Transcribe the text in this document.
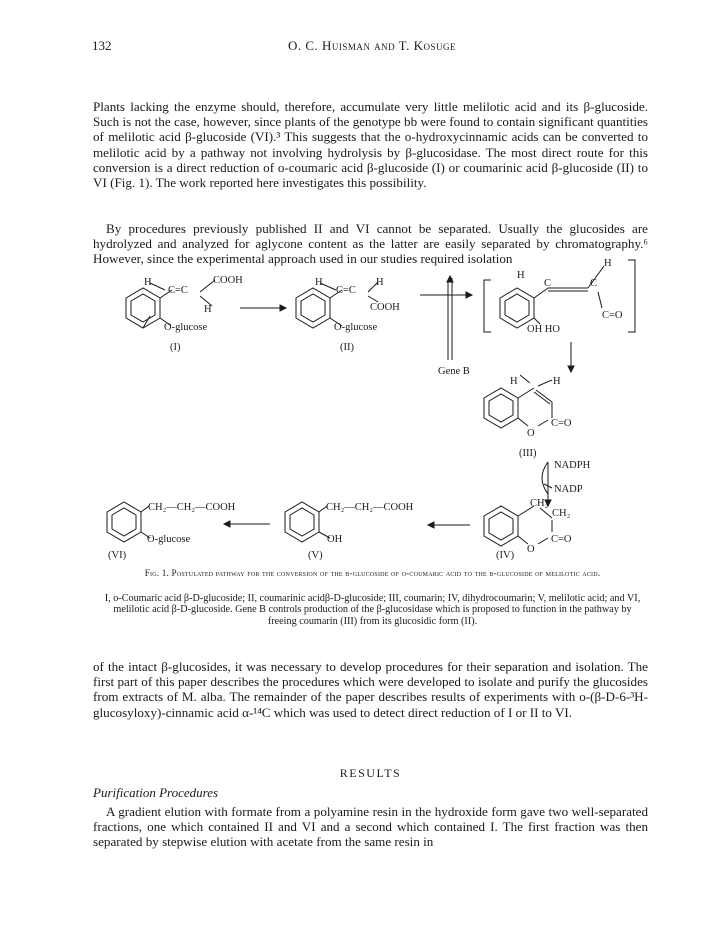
132	O. C. Huisman and T. Kosuge
Plants lacking the enzyme should, therefore, accumulate very little melilotic acid and its β-glucoside. Such is not the case, however, since plants of the genotype bb were found to contain significant quantities of melilotic acid β-glucoside (VI).³ This suggests that the o-hydroxycinnamic acids can be converted to melilotic acid by a pathway not involving hydrolysis by β-glucosidase. The most direct route for this conversion is a direct reduction of o-coumaric acid β-glucoside (I) or coumarinic acid β-glucoside (II) to VI (Fig. 1). The work reported here investigates this possibility.
By procedures previously published II and VI cannot be separated. Usually the glucosides are hydrolyzed and analyzed for aglycone content as the latter are easily separated by chromatography.⁶ However, since the experimental approach used in our studies required isolation
H
C=C
COOH
H
O-glucose
(I)
H
C=C
H
COOH
O-glucose
(II)
Gene B
H
C	C
H
C=O
OH HO
H	H
C=O
O
(III)
NADPH
NADP
CH₂
CH₂
C=O
O
(IV)
CH₂—CH₂—COOH
OH
(V)
CH₂—CH₂—COOH
O-glucose
(VI)
Fig. 1. Postulated pathway for the conversion of the β-glucoside of o-coumaric acid to the β-glucoside of melilotic acid.
I, o-Coumaric acid β-D-glucoside; II, coumarinic acidβ-D-glucoside; III, coumarin; IV, dihydrocoumarin; V, melilotic acid; and VI, melilotic acid β-D-glucoside. Gene B controls production of the β-glucosidase which is proposed to function in the pathway by freeing coumarin (III) from its glucosidic form (II).
of the intact β-glucosides, it was necessary to develop procedures for their separation and isolation. The first part of this paper describes the procedures which were developed to isolate and purify the glucosides from extracts of M. alba. The remainder of the paper describes results of experiments with o-(β-D-6-³H-glucosyloxy)-cinnamic acid α-¹⁴C which was used to detect direct reduction of I or II to VI.
RESULTS
Purification Procedures
A gradient elution with formate from a polyamine resin in the hydroxide form gave two well-separated fractions, one which contained II and VI and a second which contained I. The first fraction was then separated by stepwise elution with acetate from the same resin in
